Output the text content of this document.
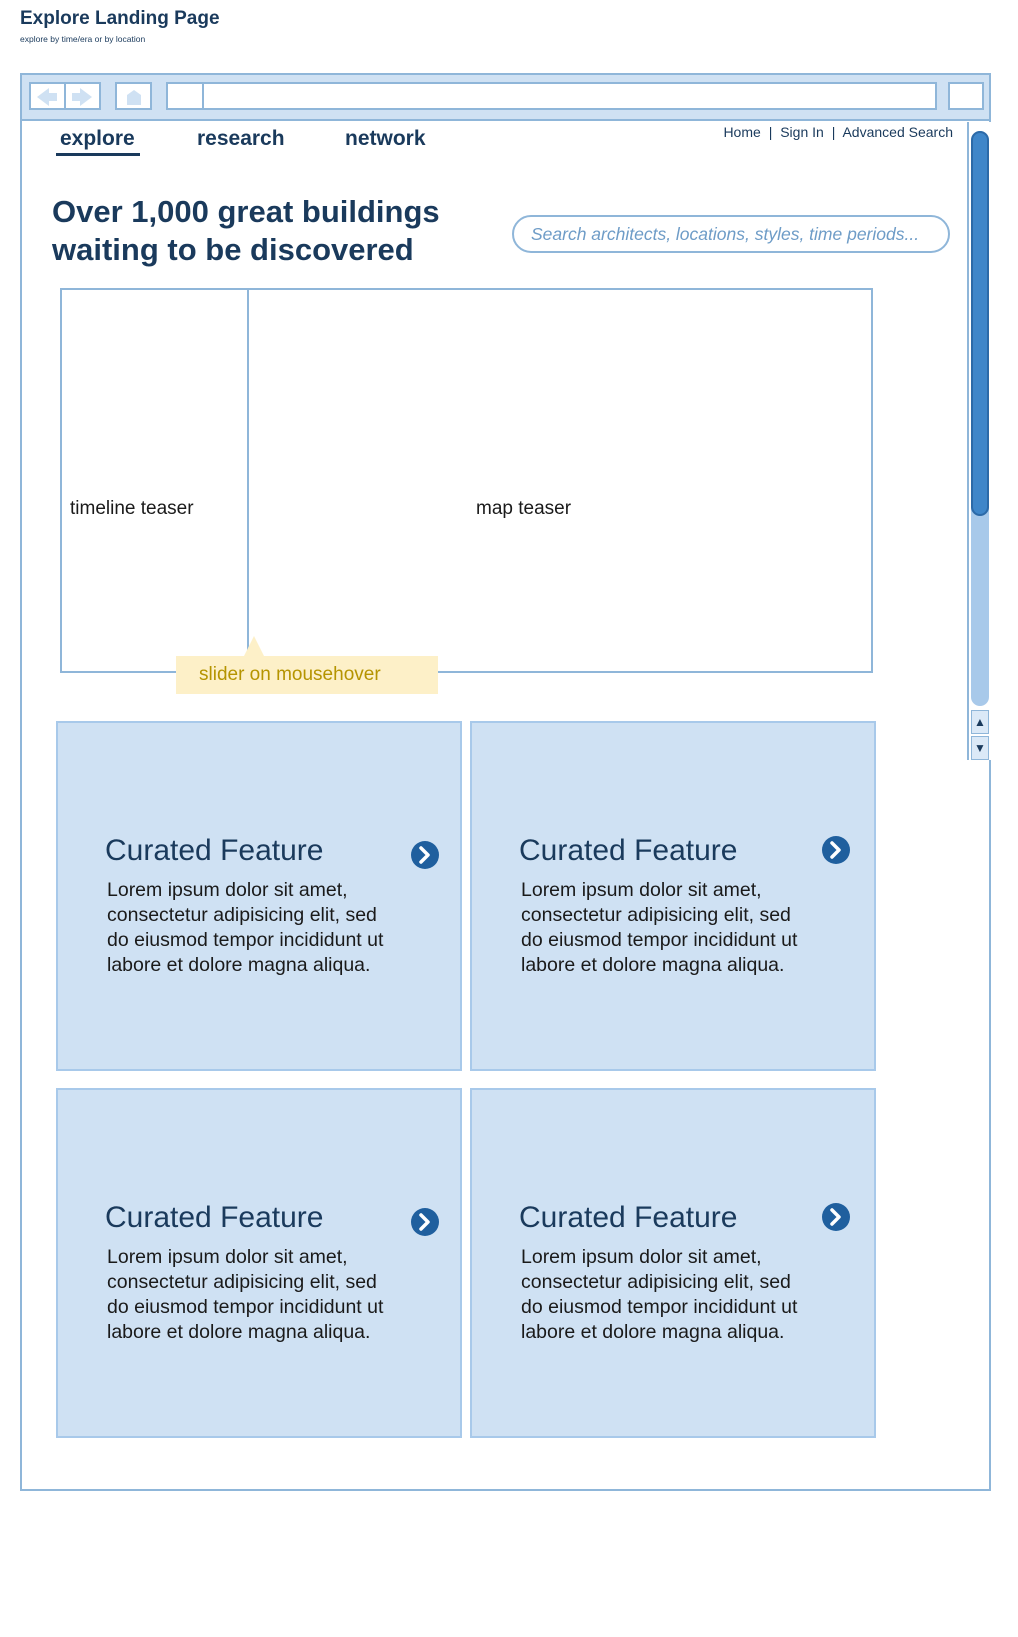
Explore Landing Page
explore by time/era or by location
▲
▼
explore	research	network	Home | Sign In | Advanced Search
Over 1,000 great buildings
waiting to be discovered	Search architects, locations, styles, time periods...
timeline teaser	map teaser
slider on mousehover
Curated Feature
Lorem ipsum dolor sit amet, consectetur adipisicing elit, sed do eiusmod tempor incididunt ut labore et dolore magna aliqua.
Curated Feature
Lorem ipsum dolor sit amet, consectetur adipisicing elit, sed do eiusmod tempor incididunt ut labore et dolore magna aliqua.
Curated Feature
Lorem ipsum dolor sit amet, consectetur adipisicing elit, sed do eiusmod tempor incididunt ut labore et dolore magna aliqua.
Curated Feature
Lorem ipsum dolor sit amet, consectetur adipisicing elit, sed do eiusmod tempor incididunt ut labore et dolore magna aliqua.
